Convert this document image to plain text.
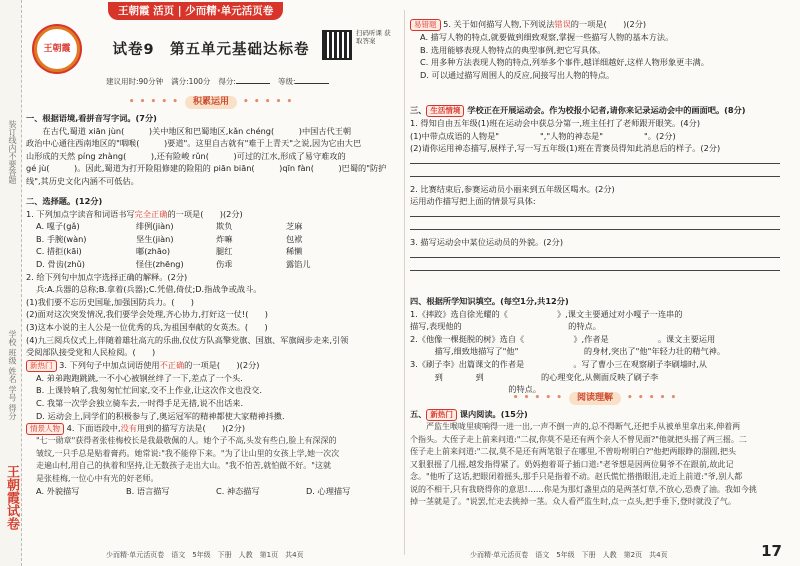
装订线内不要答题
学校 班级 姓名 学号 得分
王朝霞试卷
王朝霞 活页 | 少而精·单元活页卷
王朝霞	试卷9　第五单元基础达标卷
扫码听课 获取答案
建议用时:90分钟 满分:100分 得分:	等级:
• • • • •	积累运用	• • • • •
一、根据语境,看拼音写字词。(7分)
　　在古代,蜀道 xiān jùn(　　　)关中地区和巴蜀地区,kǎn chéng(　　　)中国古代王朝
政治中心通往西南地区的"咽喉(　　　)要道"。这里自古就有"难于上青天"之说,因为它由大巴
山形成的天然 píng zhàng(　　　),还有险峻 rǔn(　　　)可过的江水,形成了易守难攻的
gé jù(　　　)。因此,蜀道为打开险阻修建的险阻的 piān biān(　　　)qīn fàn(　　　)巴蜀的"防护
线",其历史文化内涵不可低估。
二、选择题。(12分)
1. 下列加点字读音和词语书写完全正确的一项是(　　)(2分)
A. 嘎子(gǎ)	绯例(jiàn)	欺负	芝麻
B. 手腕(wàn)	坚生(jiàn)	炸嘛	包袱
C. 措拒(kāi)	嘟(zhāo)	腿红	稀懒
D. 骨齿(zhǔ)	怪住(zhēng)	伤乖	露馅儿
2. 给下列句中加点字选择正确的解释。(2分)
兵:A.兵器的总称;B.拿着(兵器);C.凭借,倚仗;D.指战争或战斗。
(1)我们要不忘历史国耻,加强国防兵力。(　　)
(2)面对这次突发情况,我们要学会处理,齐心协力,打好这一仗!(　　)
(3)这本小说的主人公是一位优秀的兵,为祖国奉献的女英杰。(　　)
(4)九三阅兵仪式上,伴随着雄壮高亢的乐曲,仪仗方队高擎党旗、国旗、军旗阔步走来,引领
受阅部队接受党和人民检阅。(　　)
新热门 3. 下列句子中加点词语使用不正确的一项是(　　)(2分)
A. 弟弟跑跑跳跳,一不小心被钢丝绊了一下,差点了一个头.
B. 上课铃响了,我匆匆忙忙回家,交不上作业,让这次作文也没交.
C. 我第一次学会独立骑车去,一时得手足无措,说不出话来.
D. 运动会上,同学们的积极参与了,奥运冠军的精神都使大家精神抖擞.
情景人物 4. 下面语段中,没有用到的描写方法是(　　)(2分)
"七一勋章"获得者张桂梅校长是我最敬佩的人。她个子不高,头发有些白,脸上有深深的
皱纹,一只手总是贴着膏药。她常说:"我不能停下来。"为了让山里的女孩上学,她一次次
走遍山村,用自己的执着和坚持,让无数孩子走出大山。"我不怕苦,就怕做不好。"这就
是张桂梅,一位心中有光的好老师。
A. 外貌描写	B. 语言描写	C. 神态描写	D. 心理描写
少而精·单元活页卷　语文　5年级　下册　人教　第1页　共4页
易错题 5. 关于如何描写人物,下列说法错误的一项是(　　)(2分)
A. 描写人物的特点,就要做到细致观察,掌握一些描写人物的基本方法。
B. 选用能够表现人物特点的典型事例,把它写具体。
C. 用多种方法表现人物的特点,列举多个事件,越详细越好,这样人物形象更丰满。
D. 可以通过描写周围人的反应,间接写出人物的特点。
三、 生活情境 学校正在开展运动会。作为校报小记者,请你来记录运动会中的画面吧。(8分)
1. 得知自由五年级(1)班在运动会中获总分第一,班主任打了老师跟开眼笑。(4分)
(1)中带点成语的人物是"　　　　　","人物的神态是"　　　　　"。(2分)
(2)请你运用神态描写,展样子,写一写五年级(1)班在青赛员得知此消息后的样子。(2分)
2. 比赛结束后,参赛运动员小丽来到五年级区喝水。(2分)
运用动作描写把上面的情景写具体:
3. 描写运动会中某位运动员的外貌。(2分)
四、根据所学知识填空。(每空1分,共12分)
1.《摔跤》选自徐光耀的《　　　　　　》,课文主要通过对小嘎子一连串的
描写,表现他的　　　　　　　　　　　　　的特点。
2.《他像一棵挺脱的树》选自《　　　　　　》,作者是　　　　　　。课文主要运用
　　　描写,细致地描写了"他"　　　　　　　　的身材,突出了"他"年轻力壮的精气神。
3.《刷子李》出篇课文的作者是　　　　　　。写了曹小三在观察刷子李刷墙时,从
　　　到　　　　到　　　　　　　的心理变化,从侧面反映了刷子李
　　　　　　　　　　　　的特点。
• • • • •	阅读理解	• • • • •
五、 新热门 课内阅读。(15分)
　　严监生喉咙里痰响得一进一出,一声不倒一声的,总不得断气,还把手从被单里拿出来,伸着两
个指头。大侄子走上前来问道:"二叔,你莫不是还有两个亲人不曾见面?"他就把头摇了两三摇。二
侄子走上前来问道:"二叔,莫不是还有两笔银子在哪里,不曾吩咐明白?"他把两眼睁的溜圆,把头
又狠狠摇了几摇,越发指得紧了。奶妈抱着哥子插口道:"老爷想是因两位舅爷不在跟前,故此记
念。"他听了这话,把眼闭着摇头,那手只是指着不动。赵氏慌忙揩揩眼泪,走近上前道:"爷,别人都
说的不相干,只有我晓得你的意思!……你是为那灯盏里点的是两茎灯草,不放心,恐费了油。我如今挑
掉一茎就是了。"说罢,忙走去挑掉一茎。众人看严监生时,点一点头,把手垂下,登时就没了气。
少而精·单元活页卷　语文　5年级　下册　人教　第2页　共4页	17
